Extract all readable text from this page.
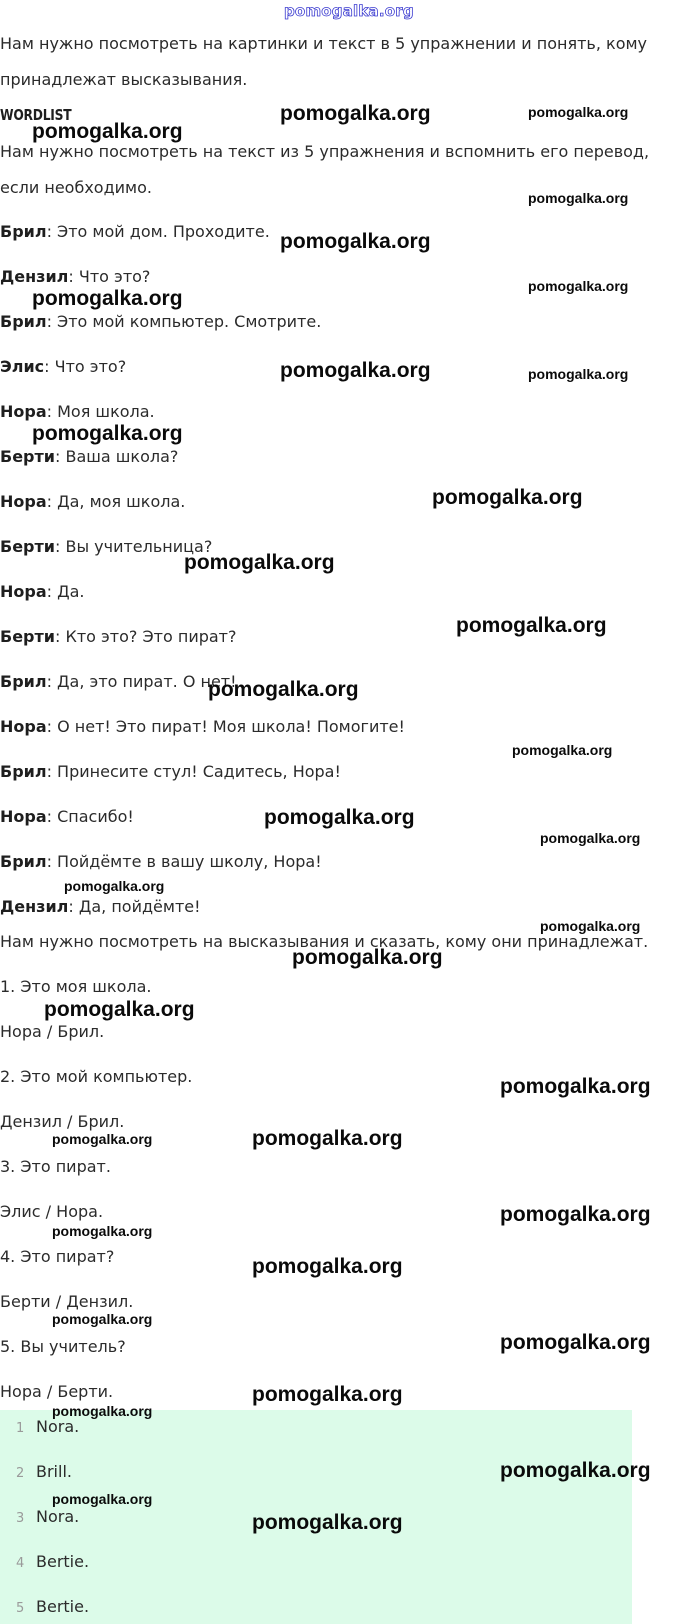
pomogalka.org

Нам нужно посмотреть на картинки и текст в 5 упражнении и понять, кому

принадлежат высказывания.

WORDLIST

Нам нужно посмотреть на текст из 5 упражнения и вспомнить его перевод,

если необходимо.

Брил: Это мой дом. Проходите.

Дензил: Что это?

Брил: Это мой компьютер. Смотрите.

Элис: Что это?

Нора: Моя школа.

Берти: Ваша школа?

Нора: Да, моя школа.

Берти: Вы учительница?

Нора: Да.

Берти: Кто это? Это пират?

Брил: Да, это пират. О нет!

Нора: О нет! Это пират! Моя школа! Помогите!

Брил: Принесите стул! Садитесь, Нора!

Нора: Спасибо!

Брил: Пойдёмте в вашу школу, Нора!

Дензил: Да, пойдёмте!

Нам нужно посмотреть на высказывания и сказать, кому они принадлежат.

1. Это моя школа.

Нора / Брил.

2. Это мой компьютер.

Дензил / Брил.

3. Это пират.

Элис / Нора.

4. Это пират?

Берти / Дензил.

5. Вы учитель?

Нора / Берти.

1 Nora.
2 Brill.
3 Nora.
4 Bertie.
5 Bertie.
pomogalka.org	pomogalka.org
pomogalka.org
pomogalka.org
pomogalka.org
pomogalka.org
pomogalka.org
pomogalka.org	pomogalka.org
pomogalka.org
pomogalka.org
pomogalka.org
pomogalka.org
pomogalka.org
pomogalka.org
pomogalka.org
pomogalka.org
pomogalka.org
pomogalka.org
pomogalka.org
pomogalka.org
pomogalka.org
pomogalka.org	pomogalka.org
pomogalka.org
pomogalka.org
pomogalka.org
pomogalka.org
pomogalka.org
pomogalka.org
pomogalka.org
pomogalka.org
pomogalka.org
pomogalka.org
